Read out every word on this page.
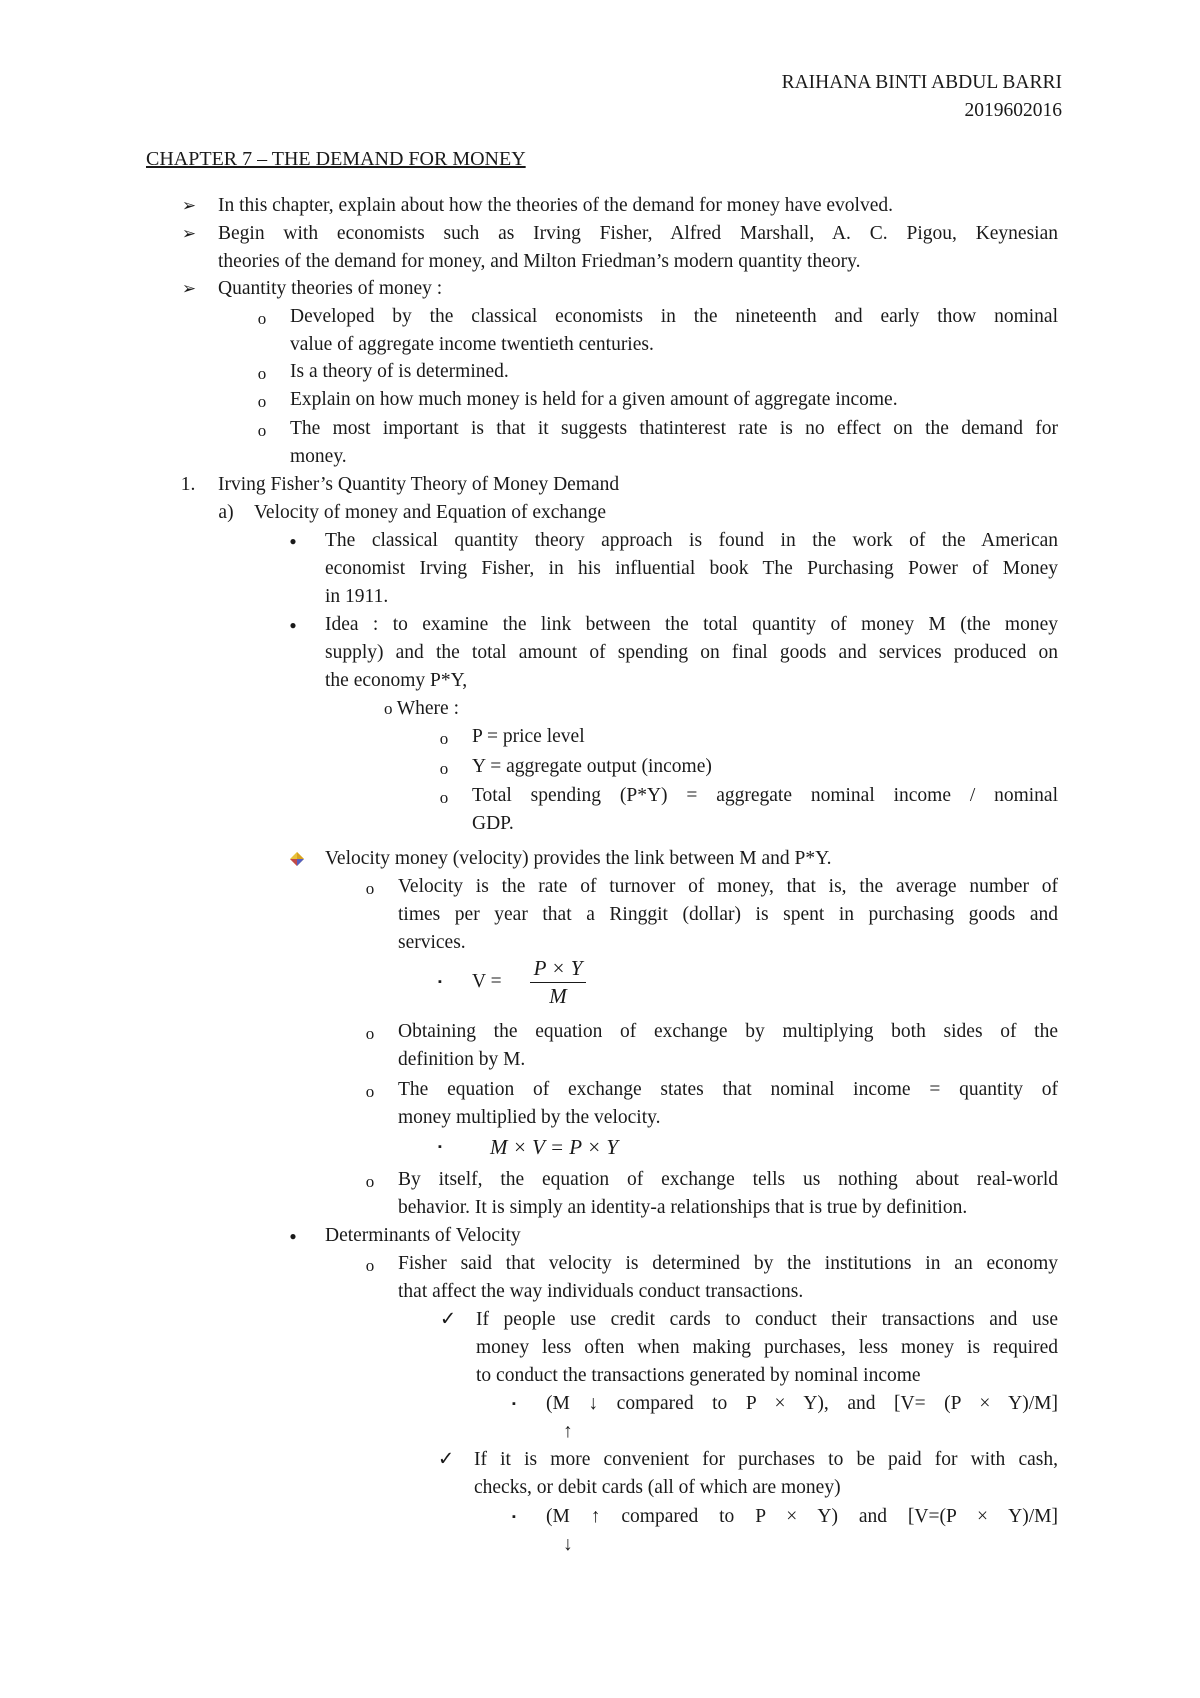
RAIHANA BINTI ABDUL BARRI
2019602016
CHAPTER 7 – THE DEMAND FOR MONEY
➢ In this chapter, explain about how the theories of the demand for money have evolved.
➢ Begin with economists such as Irving Fisher, Alfred Marshall, A. C. Pigou, Keynesian
theories of the demand for money, and Milton Friedman’s modern quantity theory.
➢ Quantity theories of money :
o Developed by the classical economists in the nineteenth and early thow nominal
value of aggregate income twentieth centuries.
o Is a theory of is determined.
o Explain on how much money is held for a given amount of aggregate income.
o The most important is that it suggests thatinterest rate is no effect on the demand for
money.
1. Irving Fisher’s Quantity Theory of Money Demand
a) Velocity of money and Equation of exchange
● The classical quantity theory approach is found in the work of the American
economist Irving Fisher, in his influential book The Purchasing Power of Money
in 1911.
● Idea : to examine the link between the total quantity of money M (the money
supply) and the total amount of spending on final goods and services produced on
the economy P*Y,
o Where :
o P = price level
o Y = aggregate output (income)
o Total spending (P*Y) = aggregate nominal income / nominal
GDP.
Velocity money (velocity) provides the link between M and P*Y.
o Velocity is the rate of turnover of money, that is, the average number of
times per year that a Ringgit (dollar) is spent in purchasing goods and
services.
▪ $V = \frac{P \times Y}{M}$
o Obtaining the equation of exchange by multiplying both sides of the
definition by M.
o The equation of exchange states that nominal income = quantity of
money multiplied by the velocity.
▪ M × V = P × Y
o By itself, the equation of exchange tells us nothing about real-world
behavior. It is simply an identity-a relationships that is true by definition.
● Determinants of Velocity
o Fisher said that velocity is determined by the institutions in an economy
that affect the way individuals conduct transactions.
✓ If people use credit cards to conduct their transactions and use
money less often when making purchases, less money is required
to conduct the transactions generated by nominal income
▪ (M ↓ compared to P × Y), and [V= (P × Y)/M]
↑
✓ If it is more convenient for purchases to be paid for with cash,
checks, or debit cards (all of which are money)
▪ (M ↑ compared to P × Y) and [V=(P × Y)/M]
↓
